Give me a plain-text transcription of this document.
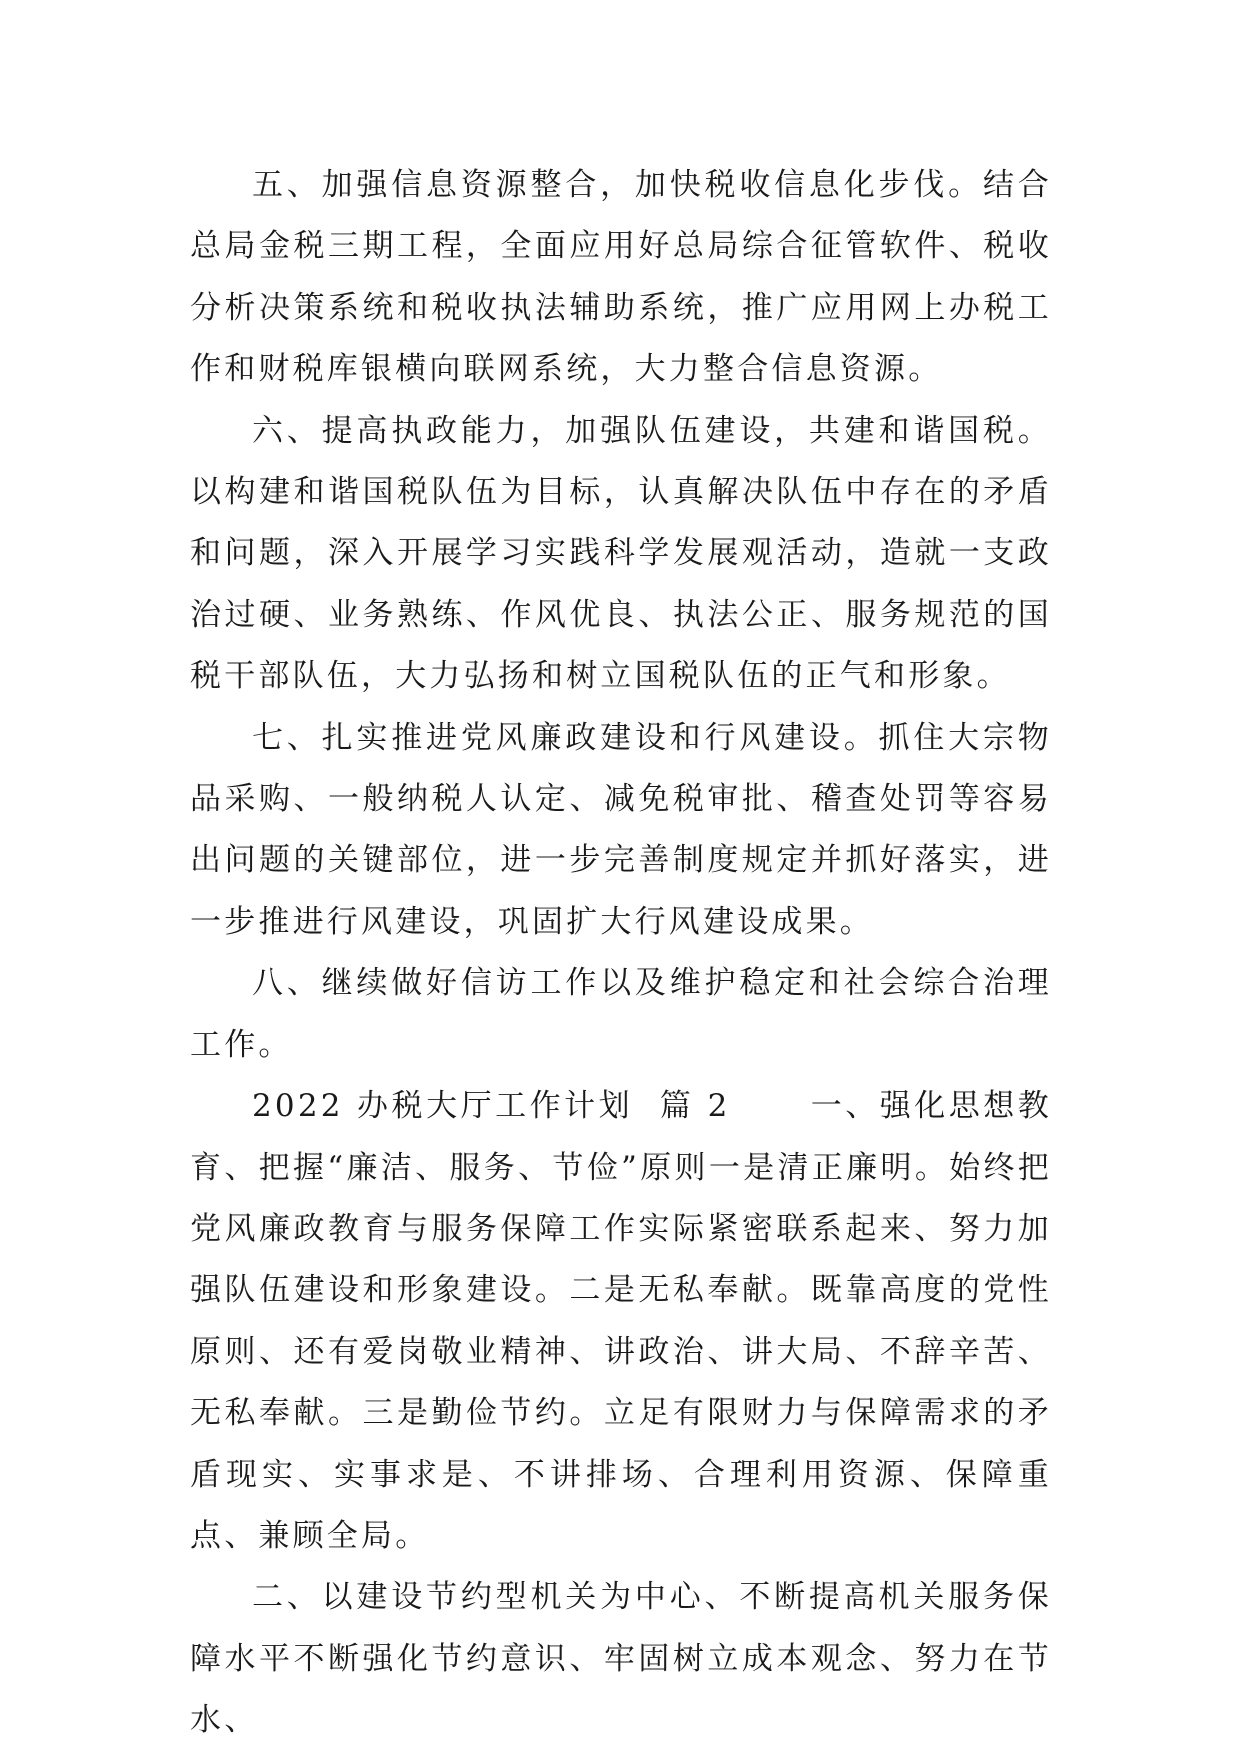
五、加强信息资源整合，加快税收信息化步伐。结合总局金税三期工程，全面应用好总局综合征管软件、税收分析决策系统和税收执法辅助系统，推广应用网上办税工作和财税库银横向联网系统，大力整合信息资源。

六、提高执政能力，加强队伍建设，共建和谐国税。以构建和谐国税队伍为目标，认真解决队伍中存在的矛盾和问题，深入开展学习实践科学发展观活动，造就一支政治过硬、业务熟练、作风优良、执法公正、服务规范的国税干部队伍，大力弘扬和树立国税队伍的正气和形象。

七、扎实推进党风廉政建设和行风建设。抓住大宗物品采购、一般纳税人认定、减免税审批、稽查处罚等容易出问题的关键部位，进一步完善制度规定并抓好落实，进一步推进行风建设，巩固扩大行风建设成果。

八、继续做好信访工作以及维护稳定和社会综合治理工作。

2022 办税大厅工作计划  篇 2      一、强化思想教育、把握“廉洁、服务、节俭”原则一是清正廉明。始终把党风廉政教育与服务保障工作实际紧密联系起来、努力加强队伍建设和形象建设。二是无私奉献。既靠高度的党性原则、还有爱岗敬业精神、讲政治、讲大局、不辞辛苦、无私奉献。三是勤俭节约。立足有限财力与保障需求的矛盾现实、实事求是、不讲排场、合理利用资源、保障重点、兼顾全局。

二、以建设节约型机关为中心、不断提高机关服务保障水平不断强化节约意识、牢固树立成本观念、努力在节水、
